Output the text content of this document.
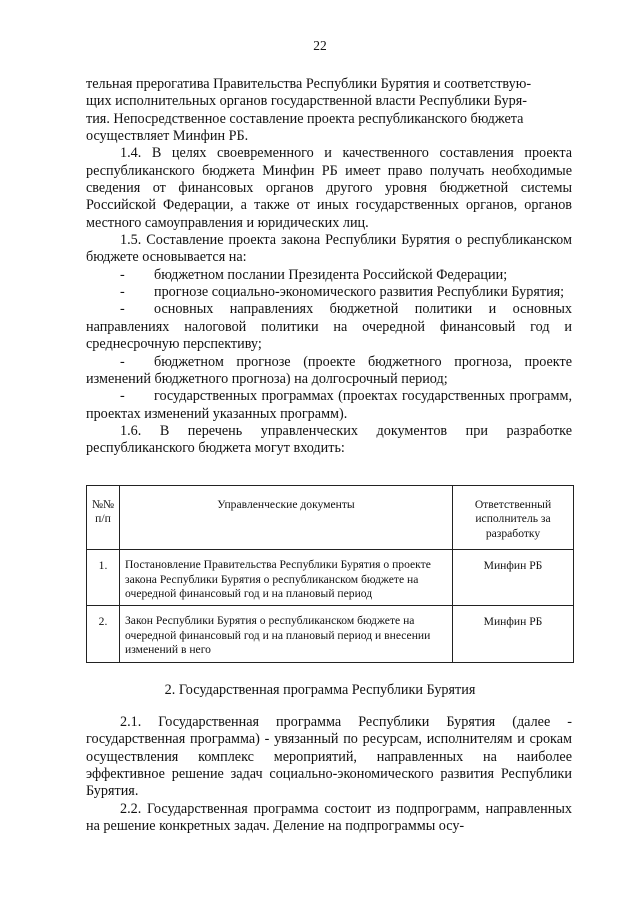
22

тельная прерогатива Правительства Республики Бурятия и соответствую-

щих исполнительных органов государственной власти Республики Буря-

тия. Непосредственное составление проекта республиканского бюджета

осуществляет Минфин РБ.

1.4. В целях своевременного и качественного составления проекта республиканского бюджета Минфин РБ имеет право получать необходимые сведения от финансовых органов другого уровня бюджетной системы Российской Федерации, а также от иных государственных органов, органов местного самоуправления и юридических лиц.

1.5. Составление проекта закона Республики Бурятия о республиканском бюджете основывается на:

- бюджетном послании Президента Российской Федерации;

- прогнозе социально-экономического развития Республики Бурятия;

- основных направлениях бюджетной политики и основных направлениях налоговой политики на очередной финансовый год и среднесрочную перспективу;

- бюджетном прогнозе (проекте бюджетного прогноза, проекте изменений бюджетного прогноза) на долгосрочный период;

- государственных программах (проектах государственных программ, проектах изменений указанных программ).

1.6. В перечень управленческих документов при разработке республиканского бюджета могут входить:

№№ п/п	Управленческие документы	Ответственный исполнитель за разработку
1.	Постановление Правительства Республики Бурятия о проекте закона Республики Бурятия о республиканском бюджете на очередной финансовый год и на плановый период	Минфин РБ
2.	Закон Республики Бурятия о республиканском бюджете на очередной финансовый год и на плановый период и внесении изменений в него	Минфин РБ
2. Государственная программа Республики Бурятия

2.1. Государственная программа Республики Бурятия (далее - государственная программа) - увязанный по ресурсам, исполнителям и срокам осуществления комплекс мероприятий, направленных на наиболее эффективное решение задач социально-экономического развития Республики Бурятия.

2.2. Государственная программа состоит из подпрограмм, направленных на решение конкретных задач. Деление на подпрограммы осу-
